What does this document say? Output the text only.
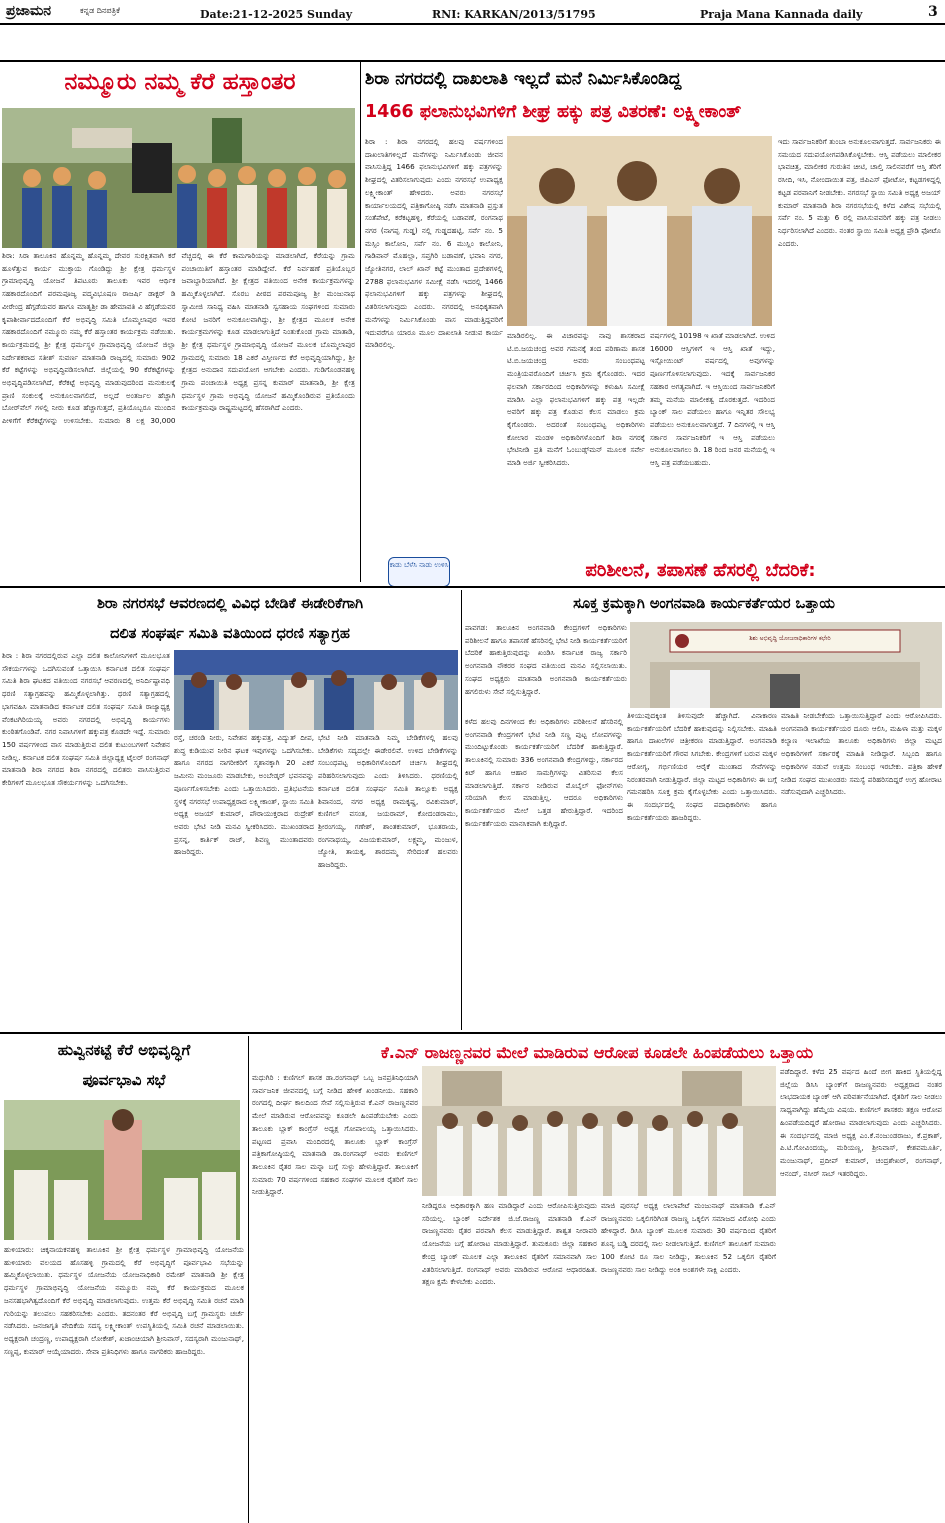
ಪ್ರಜಾಮನ	ಕನ್ನಡ ದಿನಪತ್ರಿಕೆ	Date:21-12-2025 Sunday	RNI: KARKAN/2013/51795	Praja Mana Kannada daily	3
ನಮ್ಮೂರು ನಮ್ಮ ಕೆರೆ ಹಸ್ತಾಂತರ
ಶಿರಾ: ಸಿರಾ ತಾಲೂಕಿನ ಹೊನ್ನಮ್ಮ ಹೊನ್ನಮ್ಮ ದೇವರ ಸುರಕ್ಷಿತವಾಗಿ ಕರೆ ಹೂಳೆತ್ತುವ ಕಾರ್ಯ ಮುಕ್ತಾಯ ಗೊಂಡಿದ್ದು ಶ್ರೀ ಕ್ಷೇತ್ರ ಧರ್ಮಸ್ಥಳ ಗ್ರಾಮಾಭಿವೃದ್ಧಿ ಯೋಜನೆ ತಿಪಟೂರು ತಾಲೂಕು ಇವರ ಆರ್ಥಿಕ ಸಹಕಾರದೊಂದಿಗೆ ಪರಮಪೂಜ್ಯ ಪದ್ಮವಿಭೂಷಣ ರಾಜರ್ಷಿ ಡಾಕ್ಟರ್ ಡಿ ವೀರೇಂದ್ರ ಹೆಗ್ಗಡೆಯವರ ಹಾಗೂ ಮಾತೃಶ್ರೀ ಡಾ ಹೇಮಾವತಿ ವಿ ಹೆಗ್ಗಡೆಯವರ ಕೃಪಾಶೀರ್ವಾದದೊಂದಿಗೆ ಕೆರೆ ಅಭಿವೃದ್ಧಿ ಸಮಿತಿ ಬೊಮ್ಮಲಾಪುರ ಇವರ ಸಹಕಾರದೊಂದಿಗೆ ನಮ್ಮೂರು ನಮ್ಮ ಕೆರೆ ಹಸ್ತಾಂತರ ಕಾರ್ಯಕ್ರಮ ನಡೆಯಿತು. ಕಾರ್ಯಕ್ರಮದಲ್ಲಿ ಶ್ರೀ ಕ್ಷೇತ್ರ ಧರ್ಮಸ್ಥಳ ಗ್ರಾಮಾಭಿವೃದ್ಧಿ ಯೋಜನೆ ಜಿಲ್ಲಾ ನಿರ್ದೇಶಕರಾದ ಸತೀಶ್ ಸುವರ್ಣ ಮಾತನಾಡಿ ರಾಜ್ಯದಲ್ಲಿ ಸುಮಾರು 902 ಕೆರೆ ಕಟ್ಟೆಗಳನ್ನು ಅಭಿವೃದ್ಧಿಪಡಿಸಲಾಗಿದೆ. ಜಿಲ್ಲೆಯಲ್ಲಿ 90 ಕೆರೆಕಟ್ಟೆಗಳನ್ನು ಅಭಿವೃದ್ಧಿಪಡಿಸಲಾಗಿದೆ, ಕೆರೆಕಟ್ಟೆ ಅಭಿವೃದ್ಧಿ ಮಾಡುವುದರಿಂದ ಮನುಕುಲಕ್ಕೆ ಪ್ರಾಣಿ ಸಂಕುಲಕ್ಕೆ ಅನುಕೂಲವಾಗಲಿದೆ, ಅಲ್ಲದೆ ಅಂತರ್ಜಲ ಹೆಚ್ಚಾಗಿ ಬೋರ್‌ವೆಲ್ ಗಳಲ್ಲಿ ನೀರು ಕೂಡ ಹೆಚ್ಚಾಗುತ್ತದೆ, ಪ್ರತಿಯೊಬ್ಬರೂ ಮುಂದಿನ ಪೀಳಿಗೆಗೆ ಕೆರೆಕಟ್ಟೆಗಳನ್ನು ಉಳಿಸಬೇಕು. ಸುಮಾರು 8 ಲಕ್ಷ 30,000 ವೆಚ್ಚದಲ್ಲಿ ಈ ಕೆರೆ ಕಾಮಗಾರಿಯನ್ನು ಮಾಡಲಾಗಿದೆ, ಕೆರೆಯನ್ನು ಗ್ರಾಮ ಪಂಚಾಯಿತಿಗೆ ಹಸ್ತಾಂತರ ಮಾಡಿದ್ದೇವೆ. ಕೆರೆ ನಿರ್ವಹಣೆ ಪ್ರತಿಯೊಬ್ಬರ ಜವಾಬ್ದಾರಿಯಾಗಿದೆ. ಶ್ರೀ ಕ್ಷೇತ್ರದ ವತಿಯಿಂದ ಅನೇಕ ಕಾರ್ಯಕ್ರಮಗಳನ್ನು ಹಮ್ಮಿಕೊಳ್ಳಲಾಗಿದೆ. ಸೊರಬ ಪೀಠದ ಪರಮಪೂಜ್ಯ ಶ್ರೀ ಮಂಜುನಾಥ ಸ್ವಾಮೀಜಿ ಸಾನಿಧ್ಯ ವಹಿಸಿ ಮಾತನಾಡಿ ಸ್ವಸಹಾಯ ಸಂಘಗಳಿಂದ ಸುಮಾರು ಕೋಟಿ ಜನರಿಗೆ ಅನುಕೂಲವಾಗಿದ್ದು, ಶ್ರೀ ಕ್ಷೇತ್ರದ ಮೂಲಕ ಅನೇಕ ಕಾರ್ಯಕ್ರಮಗಳನ್ನು ಕೂಡ ಮಾಡಲಾಗುತ್ತಿದೆ ನಿಂತುಕೊಂಡ ಗ್ರಾಮ ಮಾತಾಡಿ, ಶ್ರೀ ಕ್ಷೇತ್ರ ಧರ್ಮಸ್ಥಳ ಗ್ರಾಮಾಭಿವೃದ್ಧಿ ಯೋಜನೆ ಮೂಲಕ ಬೊಮ್ಮಲಾಪುರ ಗ್ರಾಮದಲ್ಲಿ ಸುಮಾರು 18 ಎಕರೆ ವಿಸ್ತೀರ್ಣದ ಕೆರೆ ಅಭಿವೃದ್ಧಿಯಾಗಿದ್ದು, ಶ್ರೀ ಕ್ಷೇತ್ರದ ಅನುದಾನ ಸದುಪಯೋಗ ಆಗಬೇಕು ಎಂದರು. ಗುಡಿಗೊಂಡನಹಳ್ಳಿ ಗ್ರಾಮ ಪಂಚಾಯಿತಿ ಅಧ್ಯಕ್ಷ ಪ್ರಸನ್ನ ಕುಮಾರ್ ಮಾತನಾಡಿ, ಶ್ರೀ ಕ್ಷೇತ್ರ ಧರ್ಮಸ್ಥಳ ಗ್ರಾಮ ಅಭಿವೃದ್ಧಿ ಯೋಜನೆ ಹಮ್ಮಿಕೊಂಡಿರುವ ಪ್ರತಿಯೊಂದು ಕಾರ್ಯಕ್ರಮವೂ ರಾಷ್ಟ್ರಮಟ್ಟದಲ್ಲಿ ಹೆಸರಾಗಿದೆ ಎಂದರು.
ಶಿರಾ ನಗರದಲ್ಲಿ ದಾಖಲಾತಿ ಇಲ್ಲದೆ ಮನೆ ನಿರ್ಮಿಸಿಕೊಂಡಿದ್ದ
1466 ಫಲಾನುಭವಿಗಳಿಗೆ ಶೀಘ್ರ ಹಕ್ಕು ಪತ್ರ ವಿತರಣೆ: ಲಕ್ಷ್ಮೀಕಾಂತ್
ಶಿರಾ : ಶಿರಾ ನಗರದಲ್ಲಿ ಹಲವು ವರ್ಷಗಳಿಂದ ದಾಖಲಾತಿಗಳಿಲ್ಲದೆ ಮನೆಗಳನ್ನು ನಿರ್ಮಿಸಿಕೊಂಡು ಜೀವನ ವಾಸಿಸುತ್ತಿದ್ದ 1466 ಫಲಾನುಭವಿಗಳಿಗೆ ಹಕ್ಕು ಪತ್ರಗಳನ್ನು ಶೀಘ್ರದಲ್ಲಿ ವಿತರಿಸಲಾಗುವುದು ಎಂದು ನಗರಸಭೆ ಉಪಾಧ್ಯಕ್ಷ ಲಕ್ಷ್ಮೀಕಾಂತ್ ಹೇಳಿದರು. ಅವರು ನಗರಸಭೆ ಕಾರ್ಯಾಲಯದಲ್ಲಿ ಪತ್ರಿಕಾಗೋಷ್ಠಿ ನಡೆಸಿ ಮಾತನಾಡಿ ಪ್ರಸ್ತುತ ಸಂತೆಪೇಟೆ, ಕರೆಕಟ್ಟಹಳ್ಳಿ, ಕೆರೆಯಲ್ಲಿ ಬಡಾವಣೆ, ರಂಗನಾಥ ನಗರ (ನಾಗಪ್ಪ ಗುಡ್ಡ) ನಲ್ಲಿ ಗುಡ್ಡದಹಟ್ಟಿ, ಸರ್ವೆ ನಂ. 5 ಮಸ್ಸಿಂ ಕಾಲೋನಿ, ಸರ್ವೆ ನಂ. 6 ಮುಸ್ಲಿಂ ಕಾಲೋನಿ, ಗಾಡಿವಾನ್ ಮೊಹಲ್ಲಾ, ಸಪ್ತಗಿರಿ ಬಡಾವಣೆ, ಭವಾನಿ ನಗರ, ಜ್ಯೋತಿನಗರ, ಲಾಲ್ ಖಾನ್ ಕಟ್ಟೆ ಮುಂತಾದ ಪ್ರದೇಶಗಳಲ್ಲಿ 2788 ಫಲಾನುಭವಿಗಳ ಸಮೀಕ್ಷೆ ನಡೆಸಿ ಇದರಲ್ಲಿ 1466 ಫಲಾನುಭವಿಗಳಿಗೆ ಹಕ್ಕು ಪತ್ರಗಳನ್ನು ಶೀಘ್ರದಲ್ಲಿ ವಿತರಿಸಲಾಗುವುದು ಎಂದರು. ನಗರದಲ್ಲಿ ಅನಧಿಕೃತವಾಗಿ ಮನೆಗಳನ್ನು ನಿರ್ಮಿಸಿಕೊಂಡು ವಾಸ ಮಾಡುತ್ತಿದ್ದವರಿಗೆ ಇದುವರೆಗೂ ಯಾರೂ ಮೂಲ ದಾಖಲಾತಿ ನೀಡುವ ಕಾರ್ಯ ಮಾಡಿರಲಿಲ್ಲ.
ಮಾಡಿರಲಿಲ್ಲ. ಈ ವಿಚಾರವನ್ನು ನಾವು ಶಾಸಕರಾದ ಟಿ.ಬಿ.ಜಯಚಂದ್ರ ಅವರ ಗಮನಕ್ಕೆ ತಂದ ಪರಿಣಾಮ ಶಾಸಕ ಟಿ.ಬಿ.ಜಯಚಂದ್ರ ಅವರು ಸಂಬಂಧಪಟ್ಟ ಮಂತ್ರಿಯವರೊಂದಿಗೆ ಚರ್ಚಿಸಿ ಕ್ರಮ ಕೈಗೊಂಡರು. ಇದರ ಫಲವಾಗಿ ಸರ್ಕಾರದಿಂದ ಅಧಿಕಾರಿಗಳನ್ನು ಕಳುಹಿಸಿ ಸಮೀಕ್ಷೆ ಮಾಡಿಸಿ ಎಲ್ಲಾ ಫಲಾನುಭವಿಗಳಿಗೆ ಹಕ್ಕು ಪತ್ರ ಇಲ್ಲದೇ ಅವರಿಗೆ ಹಕ್ಕು ಪತ್ರ ಕೊಡುವ ಕೆಲಸ ಮಾಡಲು ಕ್ರಮ ಕೈಗೊಂಡರು. ಅದರಂತೆ ಸಂಬಂಧಪಟ್ಟ ಅಧಿಕಾರಿಗಳು ಕೋಲಾರ ಮಂಡಳಿ ಅಧಿಕಾರಿಗಳೊಂದಿಗೆ ಶಿರಾ ನಗರಕ್ಕೆ ಭೇಟಿನೀಡಿ ಪ್ರತಿ ಮನೆಗೆ ಓಂಬುಡ್ಸ್‌ಮನ್ ಮೂಲಕ ಸರ್ವೇ ಮಾಡಿ ಅರ್ಜಿ ಸ್ವೀಕರಿಸಿದರು.
ವರ್ಷಗಳಲ್ಲಿ 10198 ಇ ಖಾತೆ ಮಾಡಲಾಗಿದೆ. ಉಳಿದ 16000 ಆಸ್ತಿಗಳಿಗೆ ಇ ಆಸ್ತಿ ಖಾತೆ ಇದ್ದು, ಇಸ್ಪೋಯಿಂಟ್ ವರ್ಷದಲ್ಲಿ ಅವುಗಳನ್ನು ಪೂರ್ಣಗೊಳಿಸಲಾಗುವುದು. ಇದಕ್ಕೆ ಸಾರ್ವಜನಿಕರ ಸಹಕಾರ ಅಗತ್ಯವಾಗಿದೆ. ಇ ಆಸ್ತಿಯಿಂದ ಸಾರ್ವಜನಿಕರಿಗೆ ತಮ್ಮ ಮನೆಯ ಮಾಲೀಕತ್ವ ದೊರಕುತ್ತದೆ. ಇದರಿಂದ ಬ್ಯಾಂಕ್ ಸಾಲ ಪಡೆಯಲು ಹಾಗೂ ಇನ್ನಿತರ ಸೌಲಭ್ಯ ಪಡೆಯಲು ಅನುಕೂಲವಾಗುತ್ತದೆ. 7 ದಿನಗಳಲ್ಲಿ ಇ ಆಸ್ತಿ ಸರ್ಕಾರ ಸಾರ್ವಜನಿಕರಿಗೆ ಇ ಆಸ್ತಿ ಪಡೆಯಲು ಅನುಕೂಲವಾಗಲು ಡಿ. 18 ರಿಂದ ಜನರ ಮನೆಯಲ್ಲಿ ಇ ಆಸ್ತಿ ಪತ್ರ ಪಡೆಯಬಹುದು.
ಇದು ಸಾರ್ವಜನಿಕರಿಗೆ ತುಂಬಾ ಅನುಕೂಲವಾಗುತ್ತದೆ. ಸಾರ್ವಜನಿಕರು ಈ ಸಮಯದ ಸದುಪಯೋಗಪಡಿಸಿಕೊಳ್ಳಬೇಕು. ಆಸ್ತಿ ಪಡೆಯಲು ಮಾಲೀಕರ ಭಾವಚಿತ್ರ, ಮಾಲೀಕರ ಗುರುತಿನ ಚೀಟಿ, ಚಾಲ್ತಿ ಸಾಲಿನವರೆಗೆ ಆಸ್ತಿ ತೆರಿಗೆ ರಸೀದಿ, ಇಸಿ, ನೋಂದಾಯಿತ ಪತ್ರ, ಜಿಪಿಎಸ್ ಫೋಟೋ, ಕಟ್ಟಡಗಳಿದ್ದಲ್ಲಿ ಕಟ್ಟಡ ಪರವಾನಿಗೆ ನೀಡಬೇಕು. ನಗರಸಭೆ ಸ್ಥಾಯಿ ಸಮಿತಿ ಅಧ್ಯಕ್ಷ ಅಜಯ್ ಕುಮಾರ್ ಮಾತನಾಡಿ ಶಿರಾ ನಗರಸಭೆಯಲ್ಲಿ ಕಳೆದ ವಿಶೇಷ ಸಭೆಯಲ್ಲಿ ಸರ್ವೆ ನಂ. 5 ಮತ್ತು 6 ರಲ್ಲಿ ವಾಸಿಸುವವರಿಗೆ ಹಕ್ಕು ಪತ್ರ ನೀಡಲು ನಿರ್ಧರಿಸಲಾಗಿದೆ ಎಂದರು. ನಂತರ ಸ್ಥಾಯಿ ಸಮಿತಿ ಅಧ್ಯಕ್ಷ ಪ್ರೌಡಿ ಫೋಟೊ ಎಂದರು.
ಕಾಡು ಬೆಳೆಸಿ ನಾಡು ಉಳಿಸಿ	ಪರಿಶೀಲನೆ, ತಪಾಸಣೆ ಹೆಸರಲ್ಲಿ ಬೆದರಿಕೆ:
ಶಿರಾ ನಗರಸಭೆ ಆವರಣದಲ್ಲಿ ವಿವಿಧ ಬೇಡಿಕೆ ಈಡೇರಿಕೆಗಾಗಿ
ದಲಿತ ಸಂಘರ್ಷ ಸಮಿತಿ ವತಿಯಿಂದ ಧರಣಿ ಸತ್ಯಾಗ್ರಹ
ಶಿರಾ : ಶಿರಾ ನಗರದಲ್ಲಿರುವ ಎಲ್ಲಾ ದಲಿತ ಕಾಲೋನಿಗಳಿಗೆ ಮೂಲಭೂತ ಸೌಕರ್ಯಗಳನ್ನು ಒದಗಿಸುವಂತೆ ಒತ್ತಾಯಿಸಿ ಕರ್ನಾಟಕ ದಲಿತ ಸಂಘರ್ಷ ಸಮಿತಿ ಶಿರಾ ಘಟಕದ ವತಿಯಿಂದ ನಗರಸಭೆ ಆವರಣದಲ್ಲಿ ಅನಿರ್ದಿಷ್ಟಾವಧಿ ಧರಣಿ ಸತ್ಯಾಗ್ರಹವನ್ನು ಹಮ್ಮಿಕೊಳ್ಳಲಾಗಿತ್ತು. ಧರಣಿ ಸತ್ಯಾಗ್ರಹದಲ್ಲಿ ಭಾಗವಹಿಸಿ ಮಾತನಾಡಿದ ಕರ್ನಾಟಕ ದಲಿತ ಸಂಘರ್ಷ ಸಮಿತಿ ರಾಜ್ಯಾಧ್ಯಕ್ಷ ವೆಂಕಟಗಿರಿಯಯ್ಯ ಅವರು ನಗರದಲ್ಲಿ ಅಭಿವೃದ್ಧಿ ಕಾರ್ಯಗಳು ಕುಂಠಿತಗೊಂಡಿವೆ. ನಗರ ನಿವಾಸಿಗಳಿಗೆ ಹಕ್ಕುಪತ್ರ ಕೊಡದೇ ಇದ್ದೆ. ಸುಮಾರು 150 ವರ್ಷಗಳಿಂದ ವಾಸ ಮಾಡುತ್ತಿರುವ ದಲಿತ ಕುಟುಂಬಗಳಿಗೆ ನಿವೇಶನ ನೀಡಿಲ್ಲ. ಕರ್ನಾಟಕ ದಲಿತ ಸಂಘರ್ಷ ಸಮಿತಿ ಜಿಲ್ಲಾಧ್ಯಕ್ಷ ಟೈಲರ್ ರಂಗನಾಥ್ ಮಾತನಾಡಿ ಶಿರಾ ನಗರದ ಶಿರಾ ನಗರದಲ್ಲಿ ದಲಿತರು ವಾಸಿಸುತ್ತಿರುವ ಕೇರಿಗಳಿಗೆ ಮೂಲಭೂತ ಸೌಕರ್ಯಗಳನ್ನು ಒದಗಿಸಬೇಕು.
ರಸ್ತೆ, ಚರಂಡಿ ನೀರು, ನಿವೇಶನ ಹಕ್ಕುಪತ್ರ, ವಿದ್ಯುತ್ ದೀಪ, ಶುದ್ಧ ಕುಡಿಯುವ ನೀರಿನ ಘಟಕ ಇವುಗಳನ್ನು ಒದಗಿಸಬೇಕು. ಹಾಗೂ ನಗರದ ನಾಗರೀಕರಿಗೆ ಸ್ಮಶಾನಕ್ಕಾಗಿ 20 ಎಕರೆ ಜಮೀನು ಮಂಜೂರು ಮಾಡಬೇಕು, ಅಂಬೇಡ್ಕರ್ ಭವನವನ್ನು ಪೂರ್ಣಗೊಳಿಸಬೇಕು ಎಂದು ಒತ್ತಾಯಿಸಿದರು. ಪ್ರತಿಭಟನೆಯ ಸ್ಥಳಕ್ಕೆ ನಗರಸಭೆ ಉಪಾಧ್ಯಕ್ಷರಾದ ಲಕ್ಷ್ಮೀಕಾಂತ್, ಸ್ಥಾಯಿ ಸಮಿತಿ ಅಧ್ಯಕ್ಷ ಅಜಯ್ ಕುಮಾರ್, ಪೌರಾಯುಕ್ತರಾದ ರುದ್ರೇಶ್ ಅವರು ಭೇಟಿ ನೀಡಿ ಮನವಿ ಸ್ವೀಕರಿಸಿದರು. ಮುಖಂಡರಾದ ಪ್ರಸನ್ನ, ಕಾರ್ತಿಕ್ ರಾಜ್, ಶಿವಣ್ಣ ಮುಂತಾದವರು ಹಾಜರಿದ್ದರು.
ಭೇಟಿ ನೀಡಿ ಮಾತನಾಡಿ ನಿಮ್ಮ ಬೇಡಿಕೆಗಳಲ್ಲಿ ಹಲವು ಬೇಡಿಕೆಗಳು ಸದ್ಯದಲ್ಲೇ ಈಡೇರಲಿವೆ. ಉಳಿದ ಬೇಡಿಕೆಗಳನ್ನು ಸಂಬಂಧಪಟ್ಟ ಅಧಿಕಾರಿಗಳೊಂದಿಗೆ ಚರ್ಚಿಸಿ ಶೀಘ್ರದಲ್ಲಿ ಪರಿಹರಿಸಲಾಗುವುದು ಎಂದು ತಿಳಿಸಿದರು. ಧರಣಿಯಲ್ಲಿ ಕರ್ನಾಟಕ ದಲಿತ ಸಂಘರ್ಷ ಸಮಿತಿ ತಾಲ್ಲೂಕು ಅಧ್ಯಕ್ಷ ಶಿವಾನಂದ, ನಗರ ಅಧ್ಯಕ್ಷ ರಾಮಕೃಷ್ಣ, ರವಿಕುಮಾರ್, ಕುಣಿಗಲ್ ವಸಂತ, ಜಯರಾಮ್, ಕೋದಂಡರಾಮು, ಶ್ರೀರಂಗಯ್ಯ, ಗಣೇಶ್, ಶಾಂತಕುಮಾರ್, ಭೂತರಾಯ, ರಂಗನಾಥಯ್ಯ, ವಿಜಯಕುಮಾರ್, ಲಕ್ಷ್ಮಮ್ಮ, ಮಂಜುಳ, ಜ್ಯೋತಿ, ತಾಯಕ್ಕ, ಶಾರದಮ್ಮ ಸೇರಿದಂತೆ ಹಲವರು ಹಾಜರಿದ್ದರು.
ಸೂಕ್ತ ಕ್ರಮಕ್ಕಾಗಿ ಅಂಗನವಾಡಿ ಕಾರ್ಯಕರ್ತೆಯರ ಒತ್ತಾಯ
ಪಾವಗಡ: ತಾಲೂಕಿನ ಅಂಗನವಾಡಿ ಕೇಂದ್ರಗಳಿಗೆ ಅಧಿಕಾರಿಗಳು ಪರಿಶೀಲನೆ ಹಾಗೂ ತಪಾಸಣೆ ಹೆಸರಿನಲ್ಲಿ ಭೇಟಿ ನೀಡಿ ಕಾರ್ಯಕರ್ತೆಯರಿಗೆ ಬೆದರಿಕೆ ಹಾಕುತ್ತಿರುವುದನ್ನು ಖಂಡಿಸಿ ಕರ್ನಾಟಕ ರಾಜ್ಯ ಸರ್ಕಾರಿ ಅಂಗನವಾಡಿ ನೌಕರರ ಸಂಘದ ವತಿಯಿಂದ ಮನವಿ ಸಲ್ಲಿಸಲಾಯಿತು. ಸಂಘದ ಅಧ್ಯಕ್ಷರು ಮಾತನಾಡಿ ಅಂಗನವಾಡಿ ಕಾರ್ಯಕರ್ತೆಯರು ಹಗಲಿರುಳು ಸೇವೆ ಸಲ್ಲಿಸುತ್ತಿದ್ದಾರೆ.
ಶಿಶು ಅಭಿವೃದ್ಧಿ ಯೋಜನಾಧಿಕಾರಿಗಳ ಕಛೇರಿ
ಕಳೆದ ಹಲವು ದಿನಗಳಿಂದ ಕೆಲ ಅಧಿಕಾರಿಗಳು ಪರಿಶೀಲನೆ ಹೆಸರಿನಲ್ಲಿ ಅಂಗನವಾಡಿ ಕೇಂದ್ರಗಳಿಗೆ ಭೇಟಿ ನೀಡಿ ಸಣ್ಣ ಪುಟ್ಟ ಲೋಪಗಳನ್ನು ಮುಂದಿಟ್ಟುಕೊಂಡು ಕಾರ್ಯಕರ್ತೆಯರಿಗೆ ಬೆದರಿಕೆ ಹಾಕುತ್ತಿದ್ದಾರೆ. ತಾಲೂಕಿನಲ್ಲಿ ಸುಮಾರು 336 ಅಂಗನವಾಡಿ ಕೇಂದ್ರಗಳಿದ್ದು, ಸರ್ಕಾರದ ಕಿಟ್ ಹಾಗೂ ಆಹಾರ ಸಾಮಗ್ರಿಗಳನ್ನು ವಿತರಿಸುವ ಕೆಲಸ ಮಾಡಲಾಗುತ್ತಿದೆ. ಸರ್ಕಾರ ನೀಡಿರುವ ಮೊಬೈಲ್ ಫೋನ್‌ಗಳು ಸರಿಯಾಗಿ ಕೆಲಸ ಮಾಡುತ್ತಿಲ್ಲ. ಆದರೂ ಅಧಿಕಾರಿಗಳು ಕಾರ್ಯಕರ್ತೆಯರ ಮೇಲೆ ಒತ್ತಡ ಹೇರುತ್ತಿದ್ದಾರೆ. ಇದರಿಂದ ಕಾರ್ಯಕರ್ತೆಯರು ಮಾನಸಿಕವಾಗಿ ಕುಗ್ಗಿದ್ದಾರೆ.
ತಿಳಿಯುವುದಕ್ಕಿಂತ ತಿಳಿಸುವುದೇ ಹೆಚ್ಚಾಗಿದೆ. ವಿನಾಕಾರಣ ಕಾರ್ಯಕರ್ತೆಯರಿಗೆ ಬೆದರಿಕೆ ಹಾಕುವುದನ್ನು ನಿಲ್ಲಿಸಬೇಕು. ಮಾಹಿತಿ ಹಾಗೂ ದಾಖಲೆಗಳ ಚಿತ್ರೀಕರಣ ಮಾಡುತ್ತಿದ್ದಾರೆ. ಅಂಗನವಾಡಿ ಕಾರ್ಯಕರ್ತೆಯರಿಗೆ ಗೌರವ ಸಿಗಬೇಕು. ಕೇಂದ್ರಗಳಿಗೆ ಬರುವ ಮಕ್ಕಳ ಆರೋಗ್ಯ, ಗರ್ಭಿಣಿಯರ ಆರೈಕೆ ಮುಂತಾದ ಸೇವೆಗಳನ್ನು ನಿರಂತರವಾಗಿ ನೀಡುತ್ತಿದ್ದಾರೆ. ಜಿಲ್ಲಾ ಮಟ್ಟದ ಅಧಿಕಾರಿಗಳು ಈ ಬಗ್ಗೆ ಗಮನಹರಿಸಿ ಸೂಕ್ತ ಕ್ರಮ ಕೈಗೊಳ್ಳಬೇಕು ಎಂದು ಒತ್ತಾಯಿಸಿದರು. ಈ ಸಂದರ್ಭದಲ್ಲಿ ಸಂಘದ ಪದಾಧಿಕಾರಿಗಳು ಹಾಗೂ ಕಾರ್ಯಕರ್ತೆಯರು ಹಾಜರಿದ್ದರು.
ಮಾಹಿತಿ ನೀಡಬೇಕೆಂದು ಒತ್ತಾಯಿಸುತ್ತಿದ್ದಾರೆ ಎಂದು ಆರೋಪಿಸಿದರು. ಅಂಗನವಾಡಿ ಕಾರ್ಯಕರ್ತೆಯರ ದೂರು ಆಲಿಸಿ, ಮಹಿಳಾ ಮತ್ತು ಮಕ್ಕಳ ಕಲ್ಯಾಣ ಇಲಾಖೆಯ ತಾಲೂಕು ಅಧಿಕಾರಿಗಳು ಜಿಲ್ಲಾ ಮಟ್ಟದ ಅಧಿಕಾರಿಗಳಿಗೆ ಸರ್ಕಾರಕ್ಕೆ ಮಾಹಿತಿ ನೀಡಿದ್ದಾರೆ. ಸಿಬ್ಬಂದಿ ಹಾಗೂ ಅಧಿಕಾರಿಗಳ ನಡುವೆ ಉತ್ತಮ ಸಂಬಂಧ ಇರಬೇಕು. ಪತ್ರಿಕಾ ಹೇಳಿಕೆ ನೀಡಿದ ಸಂಘದ ಮುಖಂಡರು ಸಮಸ್ಯೆ ಪರಿಹರಿಸದಿದ್ದರೆ ಉಗ್ರ ಹೋರಾಟ ನಡೆಸುವುದಾಗಿ ಎಚ್ಚರಿಸಿದರು.
ಹುವ್ವಿನಕಟ್ಟೆ ಕೆರೆ ಅಭಿವೃದ್ಧಿಗೆ
ಪೂರ್ವಭಾವಿ ಸಭೆ
ಹುಳಿಯಾರು: ಚಿಕ್ಕನಾಯಕನಹಳ್ಳಿ ತಾಲೂಕಿನ ಶ್ರೀ ಕ್ಷೇತ್ರ ಧರ್ಮಸ್ಥಳ ಗ್ರಾಮಾಭಿವೃದ್ಧಿ ಯೋಜನೆಯ ಹುಳಿಯಾರು ವಲಯದ ಹೊಸಹಳ್ಳಿ ಗ್ರಾಮದಲ್ಲಿ ಕೆರೆ ಅಭಿವೃದ್ಧಿಗೆ ಪೂರ್ವಭಾವಿ ಸಭೆಯನ್ನು ಹಮ್ಮಿಕೊಳ್ಳಲಾಯಿತು. ಧರ್ಮಸ್ಥಳ ಯೋಜನೆಯ ಯೋಜನಾಧಿಕಾರಿ ರಮೇಶ್ ಮಾತನಾಡಿ ಶ್ರೀ ಕ್ಷೇತ್ರ ಧರ್ಮಸ್ಥಳ ಗ್ರಾಮಾಭಿವೃದ್ಧಿ ಯೋಜನೆಯ ನಮ್ಮೂರು ನಮ್ಮ ಕೆರೆ ಕಾರ್ಯಕ್ರಮದ ಮೂಲಕ ಜನಸಹಭಾಗಿತ್ವದೊಂದಿಗೆ ಕೆರೆ ಅಭಿವೃದ್ಧಿ ಮಾಡಲಾಗುವುದು. ಉತ್ತಮ ಕೆರೆ ಅಭಿವೃದ್ಧಿ ಸಮಿತಿ ರಚನೆ ಮಾಡಿ ಗುರಿಯನ್ನು ತಲುಪಲು ಸಹಕರಿಸಬೇಕು ಎಂದರು. ತದನಂತರ ಕೆರೆ ಅಭಿವೃದ್ಧಿ ಬಗ್ಗೆ ಗ್ರಾಮಸ್ಥರು ಚರ್ಚೆ ನಡೆಸಿದರು. ಜನಜಾಗೃತಿ ವೇದಿಕೆಯ ಸದಸ್ಯ ಲಕ್ಷ್ಮೀಕಾಂತ್ ಉಪಸ್ಥಿತಿಯಲ್ಲಿ ಸಮಿತಿ ರಚನೆ ಮಾಡಲಾಯಿತು. ಅಧ್ಯಕ್ಷರಾಗಿ ಚಂದ್ರಣ್ಣ, ಉಪಾಧ್ಯಕ್ಷರಾಗಿ ಲೋಕೇಶ್, ಖಜಾಂಚಿಯಾಗಿ ಶ್ರೀನಿವಾಸ್, ಸದಸ್ಯರಾಗಿ ಮಂಜುನಾಥ್, ಸಣ್ಣಪ್ಪ, ಕುಮಾರ್ ಆಯ್ಕೆಯಾದರು. ಸೇವಾ ಪ್ರತಿನಿಧಿಗಳು ಹಾಗೂ ನಾಗರಿಕರು ಹಾಜರಿದ್ದರು.
ಕೆ.ಎನ್ ರಾಜಣ್ಣನವರ ಮೇಲೆ ಮಾಡಿರುವ ಆರೋಪ ಕೂಡಲೇ ಹಿಂಪಡೆಯಲು ಒತ್ತಾಯ
ಮಧುಗಿರಿ : ಕುಣಿಗಲ್ ಶಾಸಕ ಡಾ.ರಂಗನಾಥ್ ಒಬ್ಬ ಜನಪ್ರತಿನಿಧಿಯಾಗಿ ಸಾರ್ವಜನಿಕ ಜೀವನದಲ್ಲಿ ಬಗ್ಗೆ ನೀಡಿದ ಹೇಳಿಕೆ ಖಂಡನೀಯ. ಸಹಕಾರಿ ರಂಗದಲ್ಲಿ ದೀರ್ಘ ಕಾಲದಿಂದ ಸೇವೆ ಸಲ್ಲಿಸುತ್ತಿರುವ ಕೆ.ಎನ್ ರಾಜಣ್ಣನವರ ಮೇಲೆ ಮಾಡಿರುವ ಆರೋಪವನ್ನು ಕೂಡಲೇ ಹಿಂಪಡೆಯಬೇಕು ಎಂದು ತಾಲೂಕು ಬ್ಲಾಕ್ ಕಾಂಗ್ರೆಸ್ ಅಧ್ಯಕ್ಷ ಗೋಪಾಲಯ್ಯ ಒತ್ತಾಯಿಸಿದರು. ಪಟ್ಟಣದ ಪ್ರವಾಸಿ ಮಂದಿರದಲ್ಲಿ ತಾಲೂಕು ಬ್ಲಾಕ್ ಕಾಂಗ್ರೆಸ್ ಪತ್ರಿಕಾಗೋಷ್ಠಿಯಲ್ಲಿ ಮಾತನಾಡಿ ಡಾ.ರಂಗನಾಥ್ ಅವರು ಕುಣಿಗಲ್ ತಾಲೂಕಿನ ರೈತರ ಸಾಲ ಮನ್ನಾ ಬಗ್ಗೆ ಸುಳ್ಳು ಹೇಳುತ್ತಿದ್ದಾರೆ. ತಾಲೂಕಿಗೆ ಸುಮಾರು 70 ವರ್ಷಗಳಿಂದ ಸಹಕಾರ ಸಂಘಗಳ ಮೂಲಕ ರೈತರಿಗೆ ಸಾಲ ನೀಡುತ್ತಿದ್ದಾರೆ.
ನೀಡಿದ್ದರೂ ಅಧಿಕಾರಕ್ಕಾಗಿ ಹಣ ಮಾಡಿದ್ದಾರೆ ಎಂದು ಆರೋಪಿಸುತ್ತಿರುವುದು ಸರಿಯಲ್ಲ. ಬ್ಯಾಂಕ್ ನಿರ್ದೇಶಕ ಜಿ.ಜೆ.ರಾಜಣ್ಣ ಮಾತನಾಡಿ ಕೆ.ಎನ್ ರಾಜಣ್ಣನವರು ರೈತರ ಪರವಾಗಿ ಕೆಲಸ ಮಾಡುತ್ತಿದ್ದಾರೆ. ಶಾಶ್ವತ ನೀರಾವರಿ ಯೋಜನೆಯ ಬಗ್ಗೆ ಹೋರಾಟ ಮಾಡುತ್ತಿದ್ದಾರೆ. ತುಮಕೂರು ಜಿಲ್ಲಾ ಸಹಕಾರ ಕೇಂದ್ರ ಬ್ಯಾಂಕ್ ಮೂಲಕ ಎಲ್ಲಾ ತಾಲೂಕಿನ ರೈತರಿಗೆ ಸಮಾನವಾಗಿ ಸಾಲ ವಿತರಿಸಲಾಗುತ್ತಿದೆ. ರಂಗನಾಥ್ ಅವರು ಮಾಡಿರುವ ಆರೋಪ ಆಧಾರರಹಿತ. ತಕ್ಷಣ ಕ್ಷಮೆ ಕೇಳಬೇಕು ಎಂದರು.
ಮಾಜಿ ಪುರಸಭೆ ಅಧ್ಯಕ್ಷ ಲಾಲಾಪೇಟೆ ಮಂಜುನಾಥ್ ಮಾತನಾಡಿ ಕೆ.ಎನ್ ರಾಜಣ್ಣನವರು ಒಕ್ಕಲಿಗರಿಗಿಂತ ರಾಜಣ್ಣ ಒಕ್ಕಲಿಗ ಸಮಾಜದ ವಿರೋಧಿ ಎಂದು ಹೇಳಿದ್ದಾರೆ. ಡಿಸಿಸಿ ಬ್ಯಾಂಕ್ ಮೂಲಕ ಸುಮಾರು 30 ವರ್ಷದಿಂದ ರೈತರಿಗೆ ಶೂನ್ಯ ಬಡ್ಡಿ ದರದಲ್ಲಿ ಸಾಲ ನೀಡಲಾಗುತ್ತಿದೆ. ಕುಣಿಗಲ್ ತಾಲೂಕಿಗೆ ಸುಮಾರು 100 ಕೋಟಿ ರೂ ಸಾಲ ನೀಡಿದ್ದು, ತಾಲೂಕಿನ 52 ಒಕ್ಕಲಿಗ ರೈತರಿಗೆ ರಾಜಣ್ಣನವರು ಸಾಲ ನೀಡಿದ್ದು ಅಂಕಿ ಅಂಶಗಳೇ ಸಾಕ್ಷಿ ಎಂದರು.
ಪಡೆದಿದ್ದಾರೆ. ಕಳೆದ 25 ವರ್ಷದ ಹಿಂದೆ ಬೀಗ ಹಾಕಿದ ಸ್ಥಿತಿಯಲ್ಲಿದ್ದ ಜಿಲ್ಲೆಯ ಡಿಸಿಸಿ ಬ್ಯಾಂಕ್‌ಗೆ ರಾಜಣ್ಣನವರು ಅಧ್ಯಕ್ಷರಾದ ನಂತರ ಲಾಭದಾಯಕ ಬ್ಯಾಂಕ್ ಆಗಿ ಪರಿವರ್ತನೆಯಾಗಿದೆ. ರೈತರಿಗೆ ಸಾಲ ನೀಡಲು ಸಾಧ್ಯವಾಗಿದ್ದು ಹೆಮ್ಮೆಯ ವಿಷಯ. ಕುಣಿಗಲ್ ಶಾಸಕರು ತಕ್ಷಣ ಆರೋಪ ಹಿಂಪಡೆಯದಿದ್ದರೆ ಹೋರಾಟ ಮಾಡಲಾಗುವುದು ಎಂದು ಎಚ್ಚರಿಸಿದರು. ಈ ಸಂದರ್ಭದಲ್ಲಿ ಮಾಜಿ ಅಧ್ಯಕ್ಷ ಎಂ.ಕೆ.ನಂಜುಂಡರಾಜು, ಕೆ.ಪ್ರಕಾಶ್, ಪಿ.ಟಿ.ಗೋವಿಂದಯ್ಯ, ಮರಿಯಣ್ಣ, ಶ್ರೀನಿವಾಸ್, ಕೇಶವಮೂರ್ತಿ, ಮಂಜುನಾಥ್, ಪ್ರದೀಪ್ ಕುಮಾರ್, ಚಂದ್ರಶೇಖರ್, ರಂಗನಾಥ್, ಆನಂದ್, ನಸೀರ್ ಸಾಬ್ ಇತರರಿದ್ದರು.
